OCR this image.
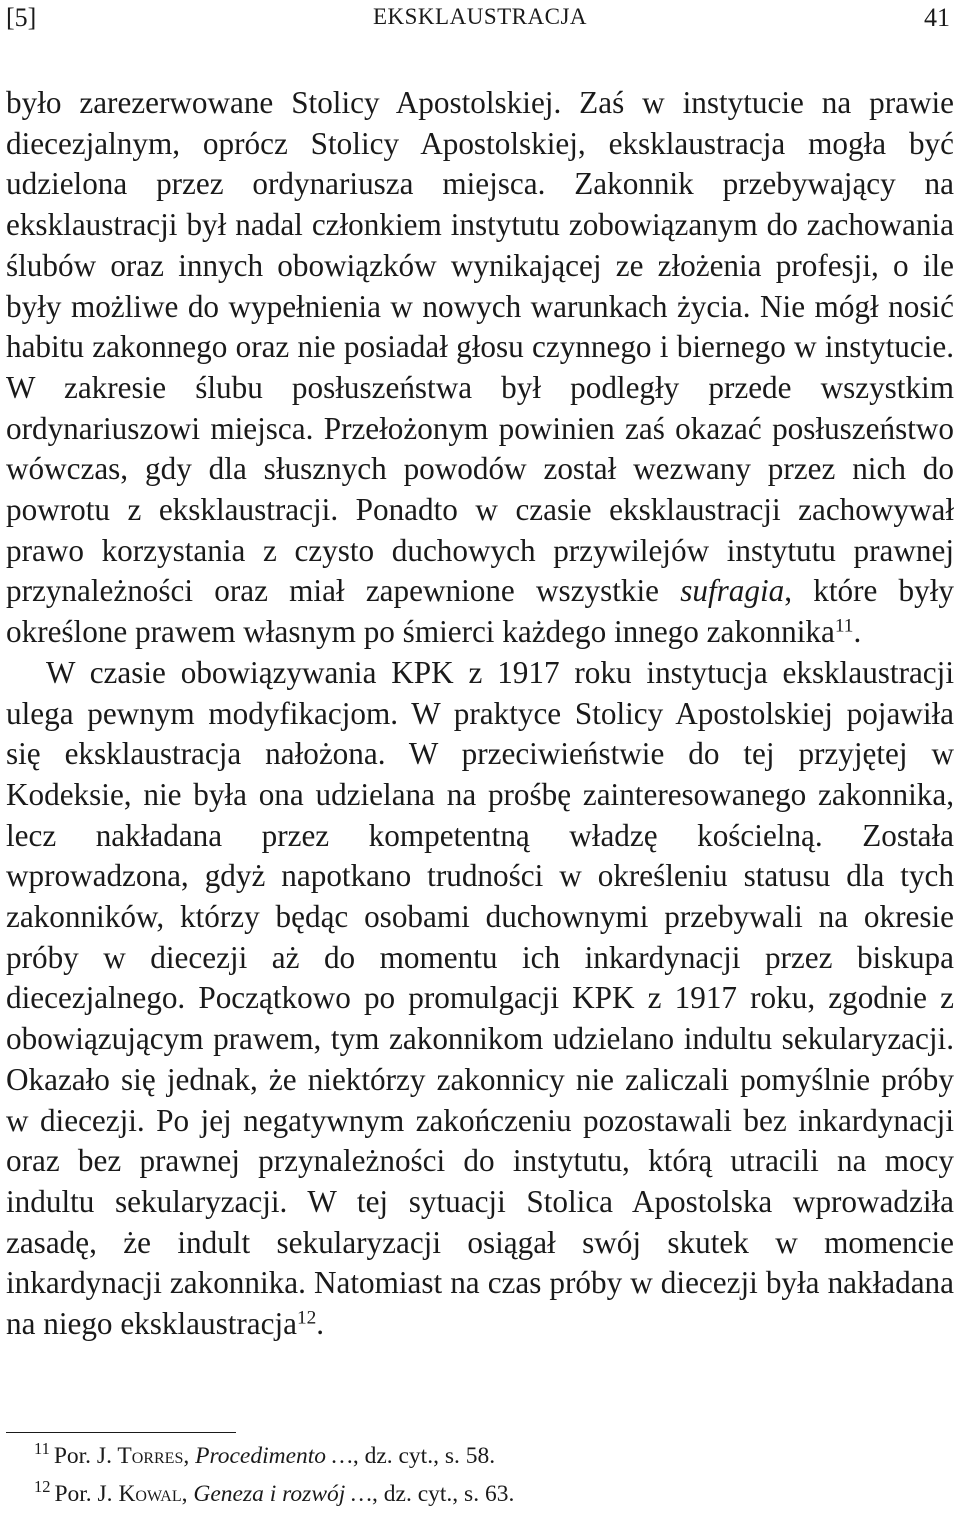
[5]	EKSKLAUSTRACJA	41

było zarezerwowane Stolicy Apostolskiej. Zaś w instytucie na prawie diecezjalnym, oprócz Stolicy Apostolskiej, eksklaustracja mogła być udzielona przez ordynariusza miejsca. Zakonnik przebywający na eksklaustracji był nadal członkiem instytutu zobowiązanym do zachowania ślubów oraz innych obowiązków wynikającej ze złożenia profesji, o ile były możliwe do wypełnienia w nowych warunkach życia. Nie mógł nosić habitu zakonnego oraz nie posiadał głosu czynnego i biernego w instytucie. W zakresie ślubu posłuszeństwa był podległy przede wszystkim ordynariuszowi miejsca. Przełożonym powinien zaś okazać posłuszeństwo wówczas, gdy dla słusznych powodów został wezwany przez nich do powrotu z eksklaustracji. Ponadto w czasie eksklaustracji zachowywał prawo korzystania z czysto duchowych przywilejów instytutu prawnej przynależności oraz miał zapewnione wszystkie sufragia, które były określone prawem własnym po śmierci każdego innego zakonnika$^{11}$.

W czasie obowiązywania KPK z 1917 roku instytucja eksklaustracji ulega pewnym modyfikacjom. W praktyce Stolicy Apostolskiej pojawiła się eksklaustracja nałożona. W przeciwieństwie do tej przyjętej w Kodeksie, nie była ona udzielana na prośbę zainteresowanego zakonnika, lecz nakładana przez kompetentną władzę kościelną. Została wprowadzona, gdyż napotkano trudności w określeniu statusu dla tych zakonników, którzy będąc osobami duchownymi przebywali na okresie próby w diecezji aż do momentu ich inkardynacji przez biskupa diecezjalnego. Początkowo po promulgacji KPK z 1917 roku, zgodnie z obowiązującym prawem, tym zakonnikom udzielano indultu sekularyzacji. Okazało się jednak, że niektórzy zakonnicy nie zaliczali pomyślnie próby w diecezji. Po jej negatywnym zakończeniu pozostawali bez inkardynacji oraz bez prawnej przynależności do instytutu, którą utracili na mocy indultu sekularyzacji. W tej sytuacji Stolica Apostolska wprowadziła zasadę, że indult sekularyzacji osiągał swój skutek w momencie inkardynacji zakonnika. Natomiast na czas próby w diecezji była nakładana na niego eksklaustracja$^{12}$.

$^{11}$ Por. J. Torres, Procedimento …, dz. cyt., s. 58.
$^{12}$ Por. J. Kowal, Geneza i rozwój …, dz. cyt., s. 63.
